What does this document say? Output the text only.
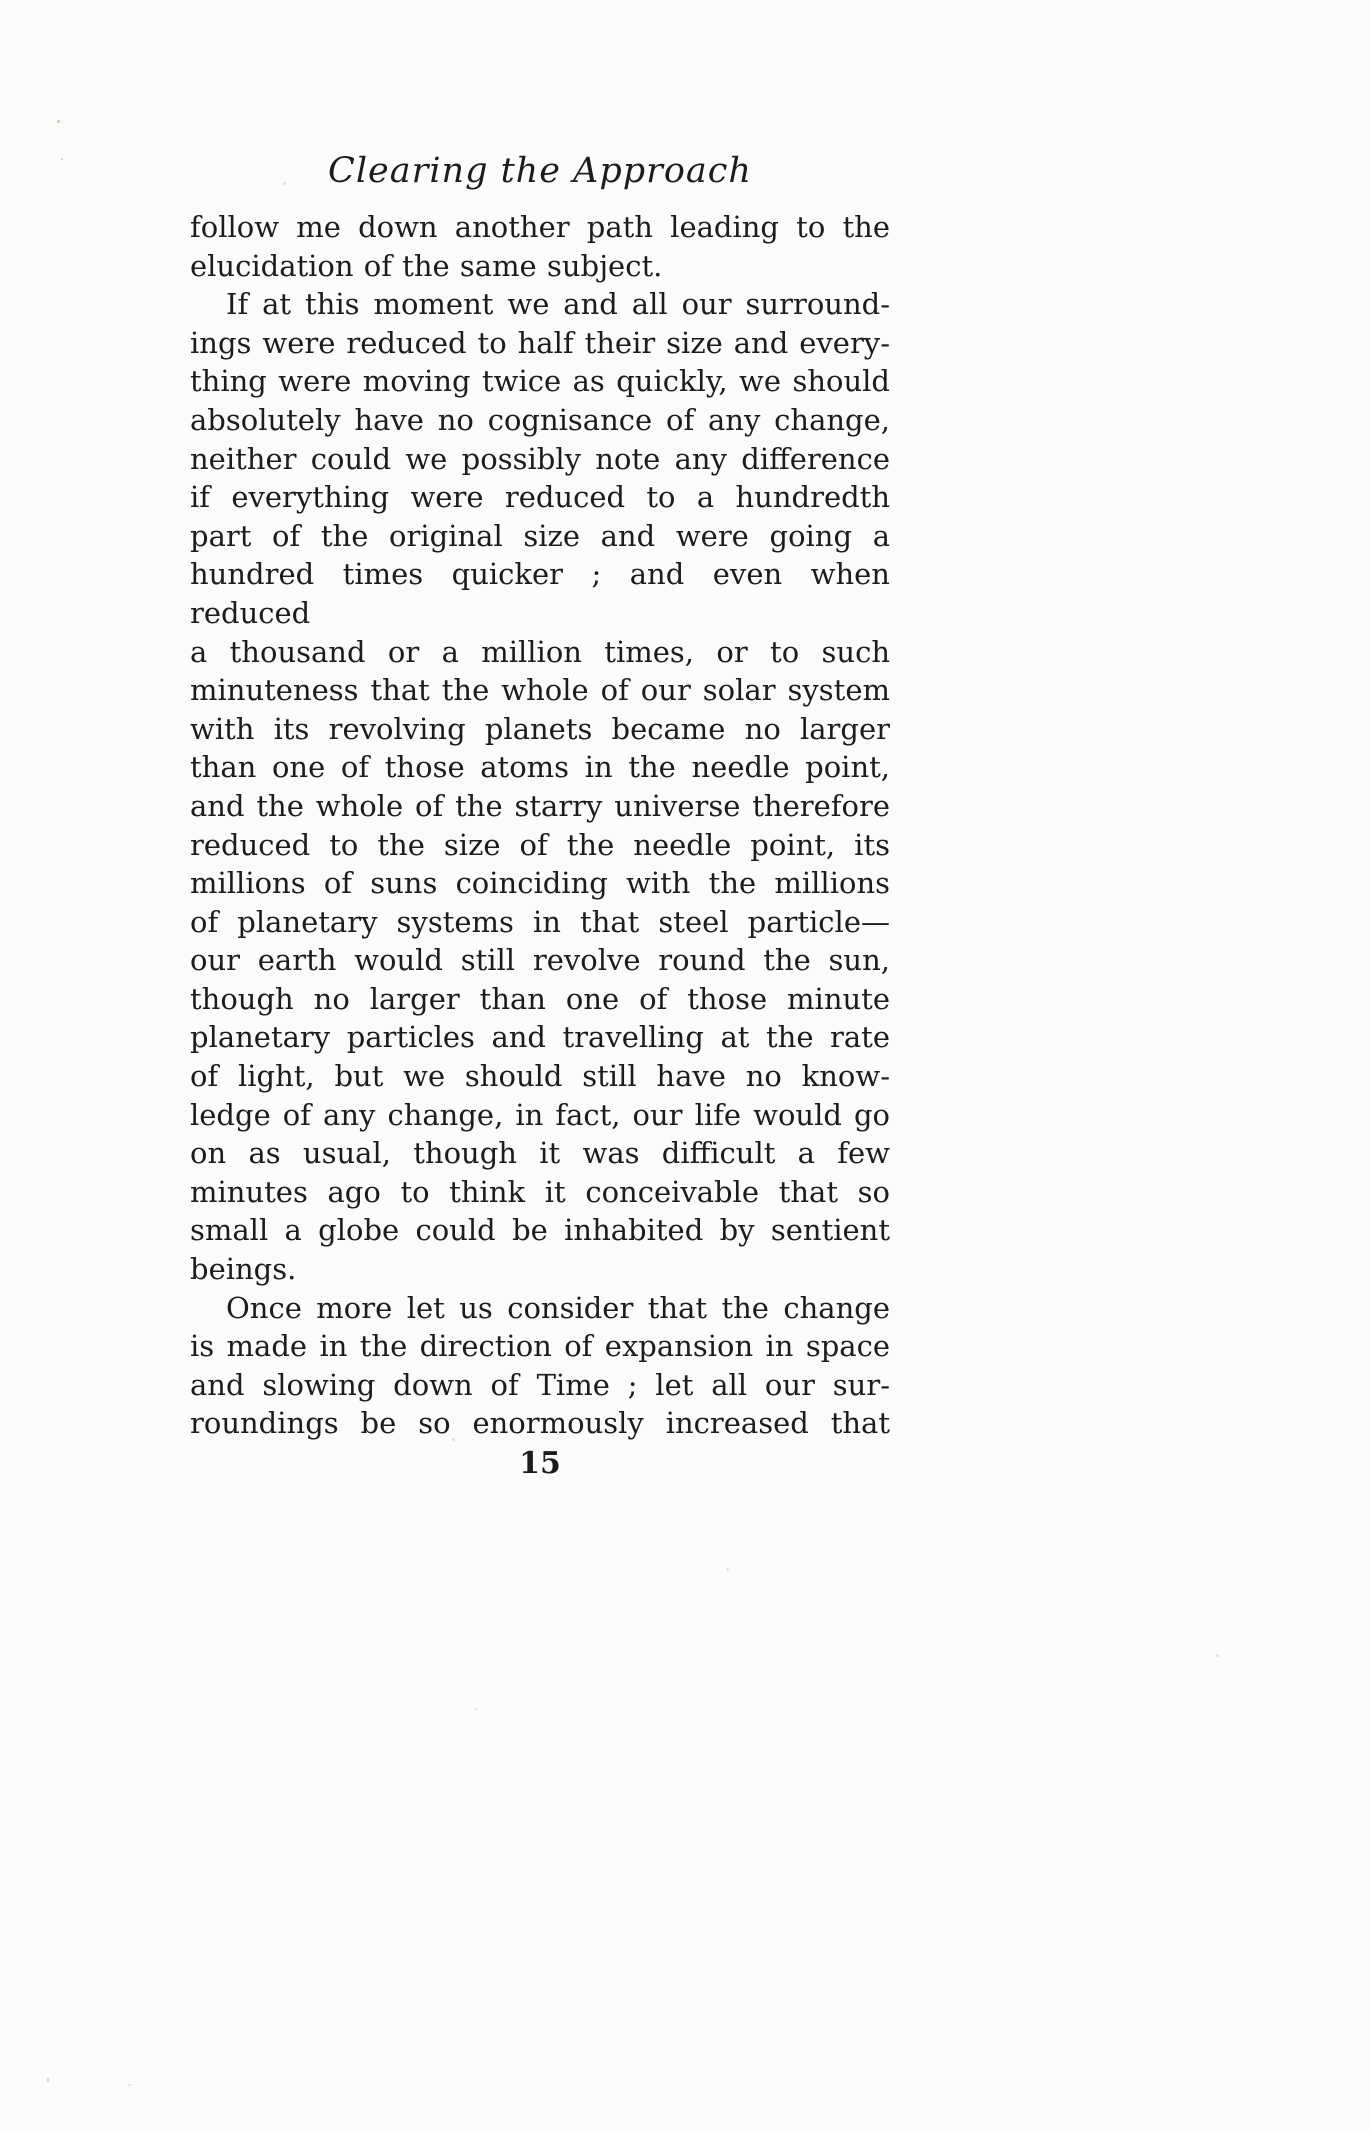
Clearing the Approach
follow me down another path leading to the
elucidation of the same subject.
If at this moment we and all our surround-
ings were reduced to half their size and every-
thing were moving twice as quickly, we should
absolutely have no cognisance of any change,
neither could we possibly note any difference
if everything were reduced to a hundredth
part of the original size and were going a
hundred times quicker ; and even when reduced
a thousand or a million times, or to such
minuteness that the whole of our solar system
with its revolving planets became no larger
than one of those atoms in the needle point,
and the whole of the starry universe therefore
reduced to the size of the needle point, its
millions of suns coinciding with the millions
of planetary systems in that steel particle—
our earth would still revolve round the sun,
though no larger than one of those minute
planetary particles and travelling at the rate
of light, but we should still have no know-
ledge of any change, in fact, our life would go
on as usual, though it was difficult a few
minutes ago to think it conceivable that so
small a globe could be inhabited by sentient
beings.
Once more let us consider that the change
is made in the direction of expansion in space
and slowing down of Time ; let all our sur-
roundings be so enormously increased that
15
